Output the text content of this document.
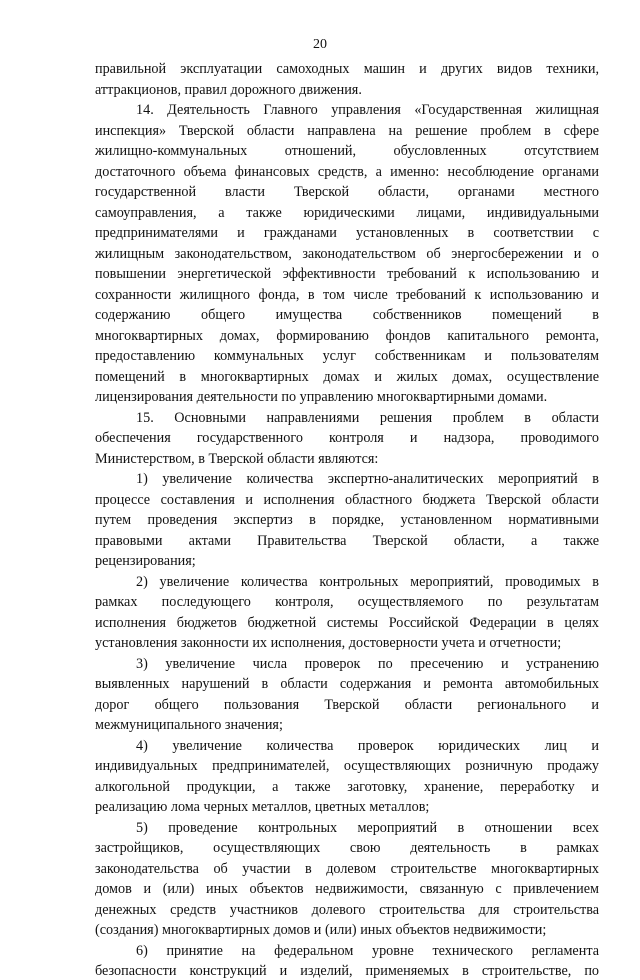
20
правильной эксплуатации самоходных машин и других видов техники,
аттракционов, правил дорожного движения.
14. Деятельность Главного управления «Государственная жилищная
инспекция» Тверской области направлена на решение проблем в сфере
жилищно-коммунальных отношений, обусловленных отсутствием
достаточного объема финансовых средств, а именно: несоблюдение органами
государственной власти Тверской области, органами местного
самоуправления, а также юридическими лицами, индивидуальными
предпринимателями и гражданами установленных в соответствии с
жилищным законодательством, законодательством об энергосбережении и о
повышении энергетической эффективности требований к использованию и
сохранности жилищного фонда, в том числе требований к использованию и
содержанию общего имущества собственников помещений в
многоквартирных домах, формированию фондов капитального ремонта,
предоставлению коммунальных услуг собственникам и пользователям
помещений в многоквартирных домах и жилых домах, осуществление
лицензирования деятельности по управлению многоквартирными домами.
15. Основными направлениями решения проблем в области
обеспечения государственного контроля и надзора, проводимого
Министерством, в Тверской области являются:
1) увеличение количества экспертно-аналитических мероприятий в
процессе составления и исполнения областного бюджета Тверской области
путем проведения экспертиз в порядке, установленном нормативными
правовыми актами Правительства Тверской области, а также
рецензирования;
2) увеличение количества контрольных мероприятий, проводимых в
рамках последующего контроля, осуществляемого по результатам
исполнения бюджетов бюджетной системы Российской Федерации в целях
установления законности их исполнения, достоверности учета и отчетности;
3) увеличение числа проверок по пресечению и устранению
выявленных нарушений в области содержания и ремонта автомобильных
дорог общего пользования Тверской области регионального и
межмуниципального значения;
4) увеличение количества проверок юридических лиц и
индивидуальных предпринимателей, осуществляющих розничную продажу
алкогольной продукции, а также заготовку, хранение, переработку и
реализацию лома черных металлов, цветных металлов;
5) проведение контрольных мероприятий в отношении всех
застройщиков, осуществляющих свою деятельность в рамках
законодательства об участии в долевом строительстве многоквартирных
домов и (или) иных объектов недвижимости, связанную с привлечением
денежных средств участников долевого строительства для строительства
(создания) многоквартирных домов и (или) иных объектов недвижимости;
6) принятие на федеральном уровне технического регламента
безопасности конструкций и изделий, применяемых в строительстве, по
